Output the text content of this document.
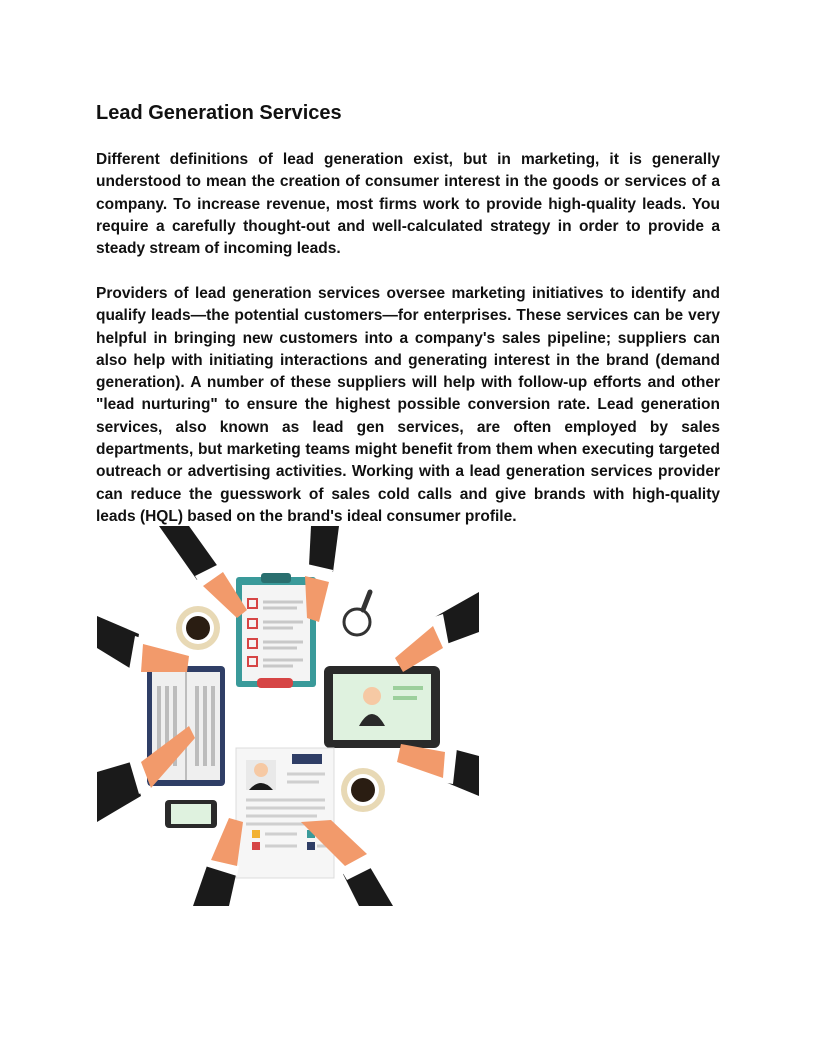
Lead Generation Services

Different definitions of lead generation exist, but in marketing, it is generally understood to mean the creation of consumer interest in the goods or services of a company. To increase revenue, most firms work to provide high-quality leads. You require a carefully thought-out and well-calculated strategy in order to provide a steady stream of incoming leads.

Providers of lead generation services oversee marketing initiatives to identify and qualify leads—the potential customers—for enterprises. These services can be very helpful in bringing new customers into a company's sales pipeline; suppliers can also help with initiating interactions and generating interest in the brand (demand generation). A number of these suppliers will help with follow-up efforts and other "lead nurturing" to ensure the highest possible conversion rate. Lead generation services, also known as lead gen services, are often employed by sales departments, but marketing teams might benefit from them when executing targeted outreach or advertising activities. Working with a lead generation services provider can reduce the guesswork of sales cold calls and give brands with high-quality leads (HQL) based on the brand's ideal consumer profile.
